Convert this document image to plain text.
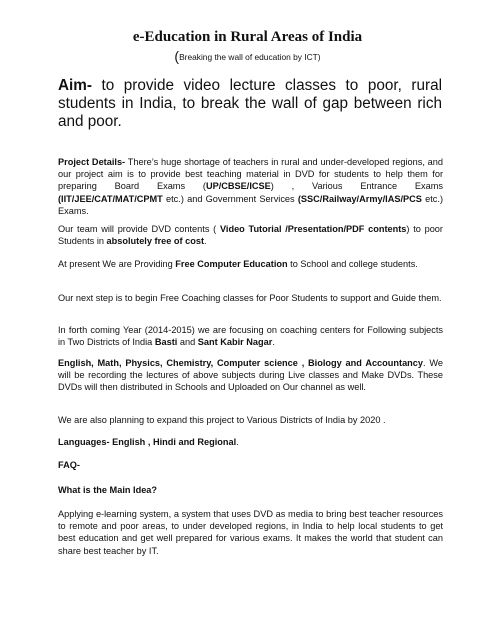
e-Education in Rural Areas of India
(Breaking the wall of education by ICT)
Aim- to provide video lecture classes to poor, rural students in India, to break the wall of gap between rich and poor.
Project Details- There’s huge shortage of teachers in rural and under-developed regions, and our project aim is to provide best teaching material in DVD for students to help them for preparing Board Exams (UP/CBSE/ICSE) , Various Entrance Exams (IIT/JEE/CAT/MAT/CPMT etc.) and Government Services (SSC/Railway/Army/IAS/PCS etc.) Exams.
Our team will provide DVD contents ( Video Tutorial /Presentation/PDF contents) to poor Students in absolutely free of cost.
At present We are Providing Free Computer Education to School and college students.
Our next step is to begin Free Coaching classes for Poor Students to support and Guide them.
In forth coming Year (2014-2015) we are focusing on coaching centers for Following subjects in Two Districts of India Basti and Sant Kabir Nagar.
English, Math, Physics, Chemistry, Computer science , Biology and Accountancy. We will be recording the lectures of above subjects during Live classes and Make DVDs. These DVDs will then distributed in Schools and Uploaded on Our channel as well.
We are also planning to expand this project to Various Districts of India by 2020 .
Languages- English , Hindi and Regional.
FAQ-
What is the Main Idea?
Applying e-learning system, a system that uses DVD as media to bring best teacher resources to remote and poor areas, to under developed regions, in India to help local students to get best education and get well prepared for various exams. It makes the world that student can share best teacher by IT.
